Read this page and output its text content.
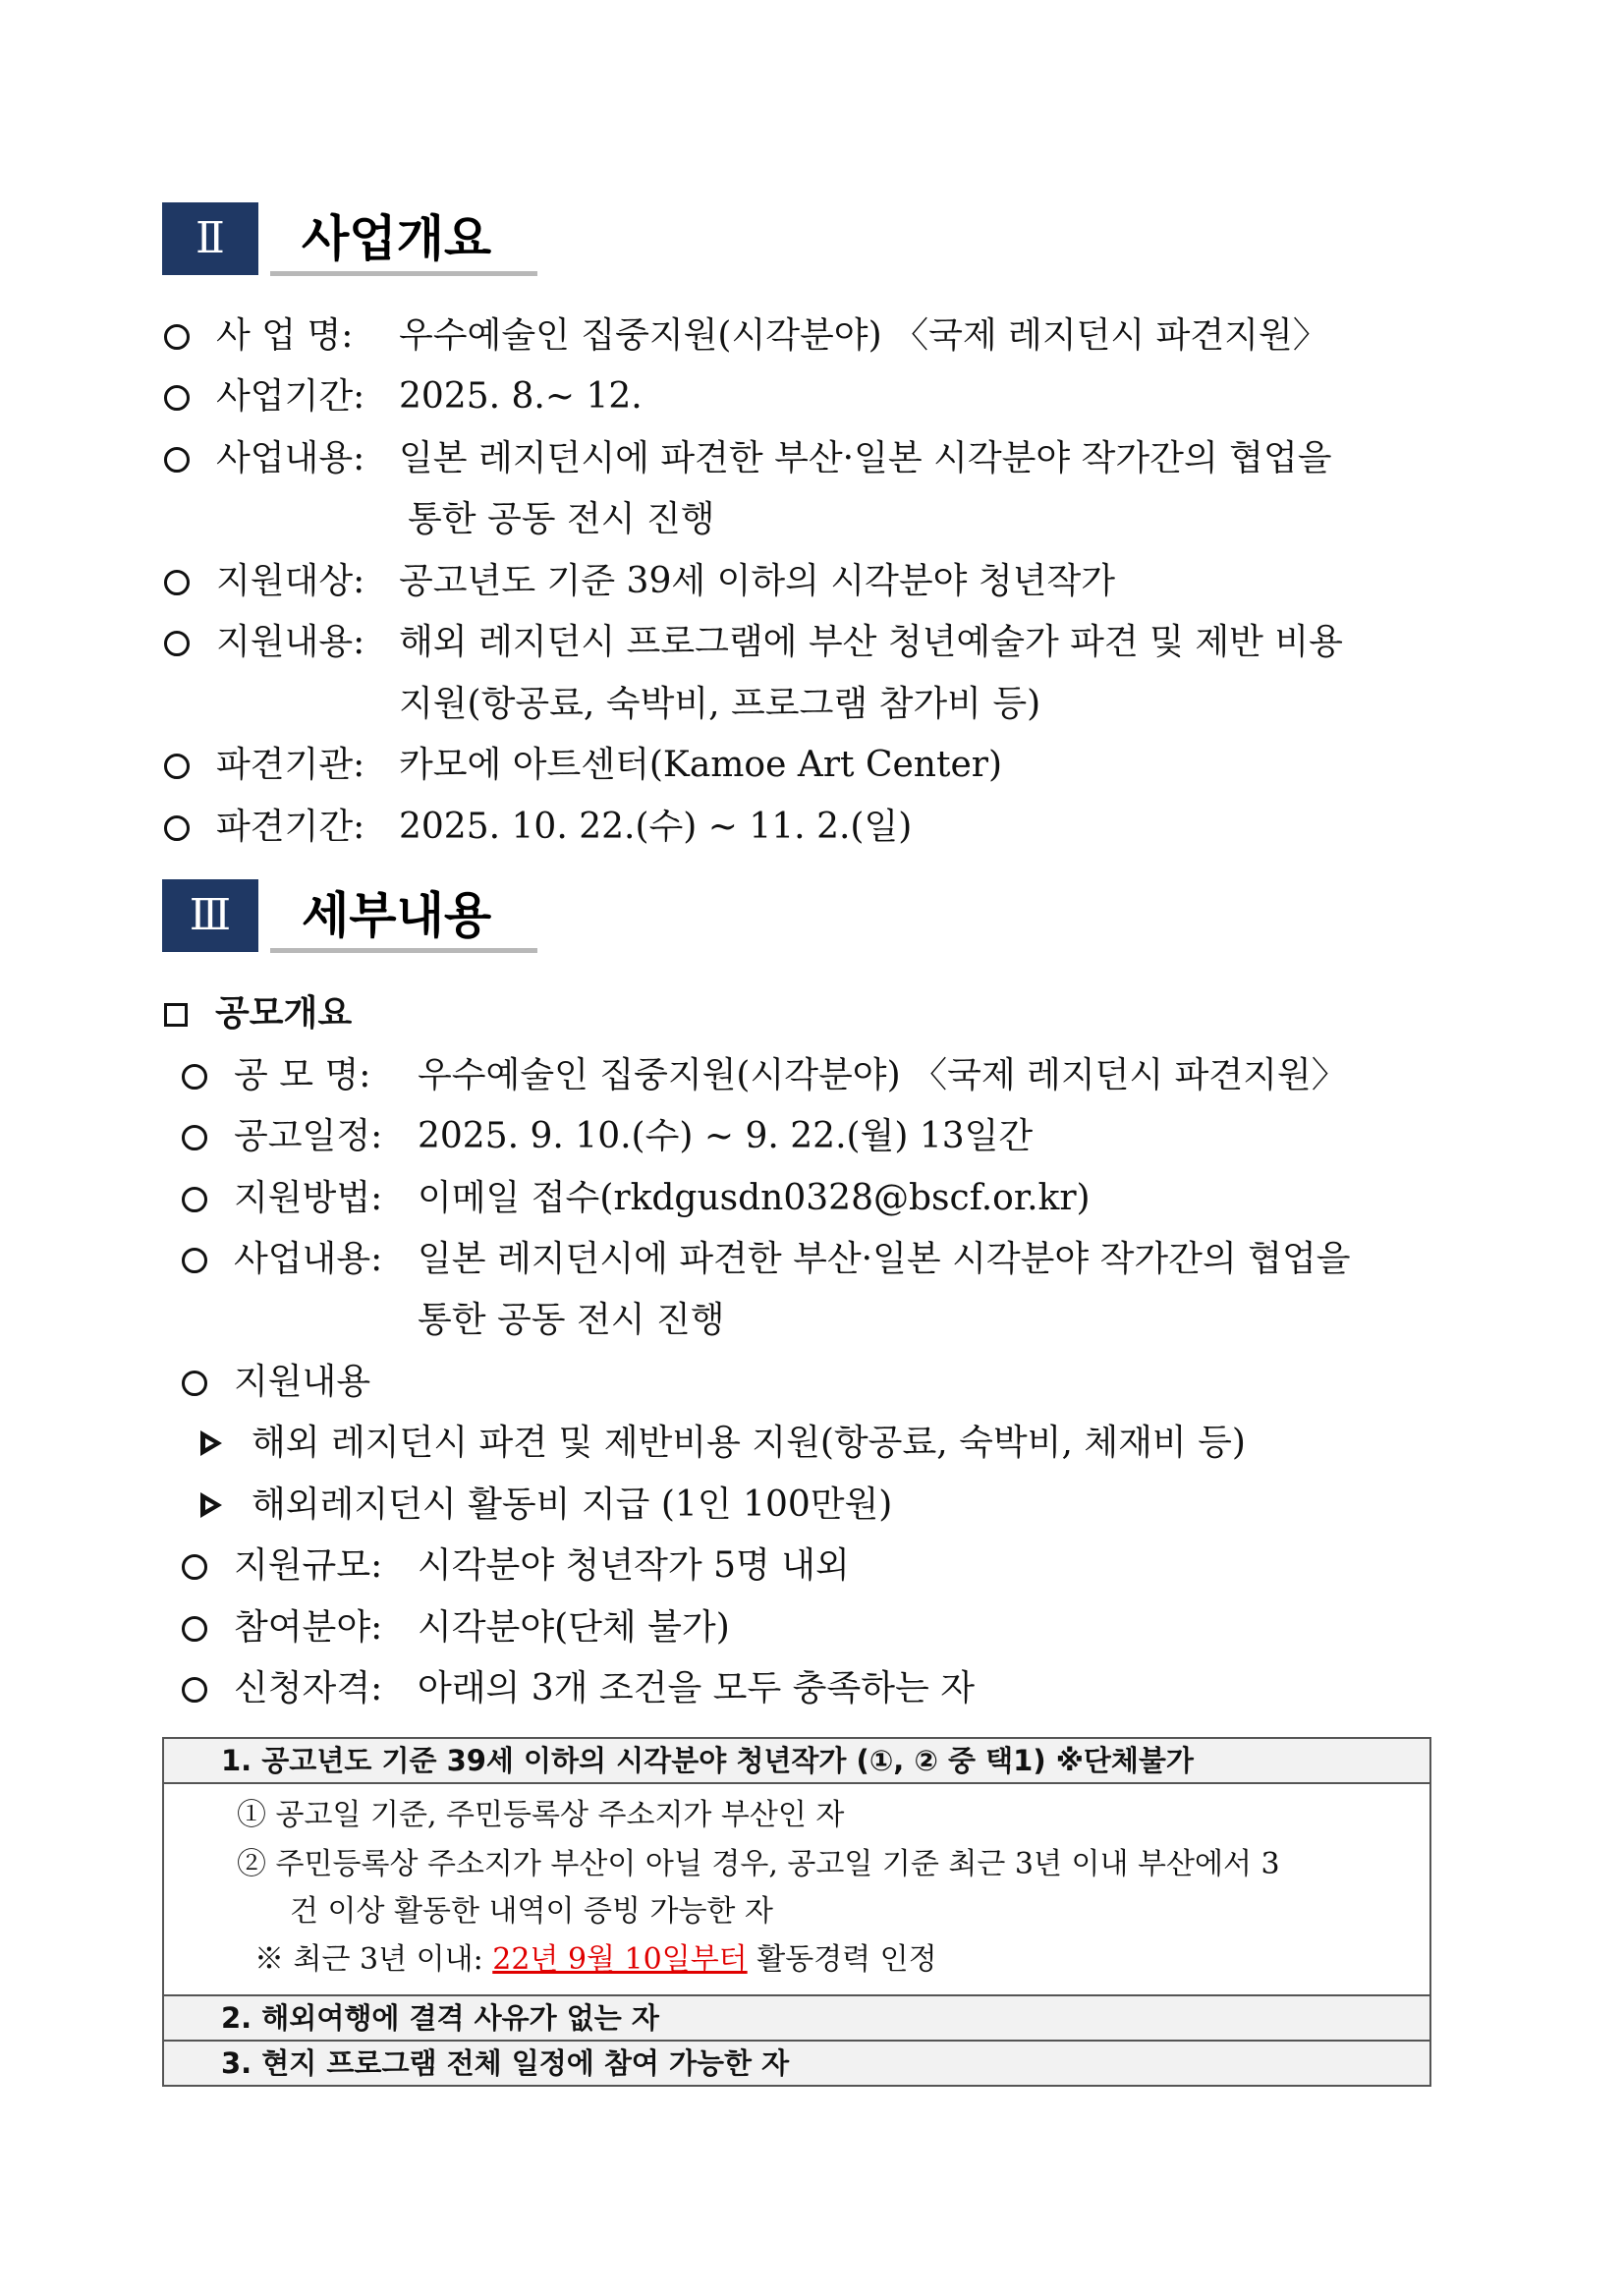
Ⅱ	사업개요
사 업 명: 우수예술인 집중지원(시각분야) 〈국제 레지던시 파견지원〉
사업기간: 2025. 8.~ 12.
사업내용: 일본 레지던시에 파견한 부산·일본 시각분야 작가간의 협업을
통한 공동 전시 진행
지원대상: 공고년도 기준 39세 이하의 시각분야 청년작가
지원내용: 해외 레지던시 프로그램에 부산 청년예술가 파견 및 제반 비용
지원(항공료, 숙박비, 프로그램 참가비 등)
파견기관: 카모에 아트센터(Kamoe Art Center)
파견기간: 2025. 10. 22.(수) ~ 11. 2.(일)
Ⅲ	세부내용
공모개요
공 모 명: 우수예술인 집중지원(시각분야) 〈국제 레지던시 파견지원〉
공고일정: 2025. 9. 10.(수) ~ 9. 22.(월) 13일간
지원방법: 이메일 접수(rkdgusdn0328@bscf.or.kr)
사업내용: 일본 레지던시에 파견한 부산·일본 시각분야 작가간의 협업을
통한 공동 전시 진행
지원내용
해외 레지던시 파견 및 제반비용 지원(항공료, 숙박비, 체재비 등)
해외레지던시 활동비 지급 (1인 100만원)
지원규모: 시각분야 청년작가 5명 내외
참여분야: 시각분야(단체 불가)
신청자격: 아래의 3개 조건을 모두 충족하는 자
1. 공고년도 기준 39세 이하의 시각분야 청년작가 (①, ② 중 택1) ※단체불가

① 공고일 기준, 주민등록상 주소지가 부산인 자
② 주민등록상 주소지가 부산이 아닐 경우, 공고일 기준 최근 3년 이내 부산에서 3
건 이상 활동한 내역이 증빙 가능한 자
※ 최근 3년 이내: 22년 9월 10일부터 활동경력 인정

2. 해외여행에 결격 사유가 없는 자
3. 현지 프로그램 전체 일정에 참여 가능한 자
